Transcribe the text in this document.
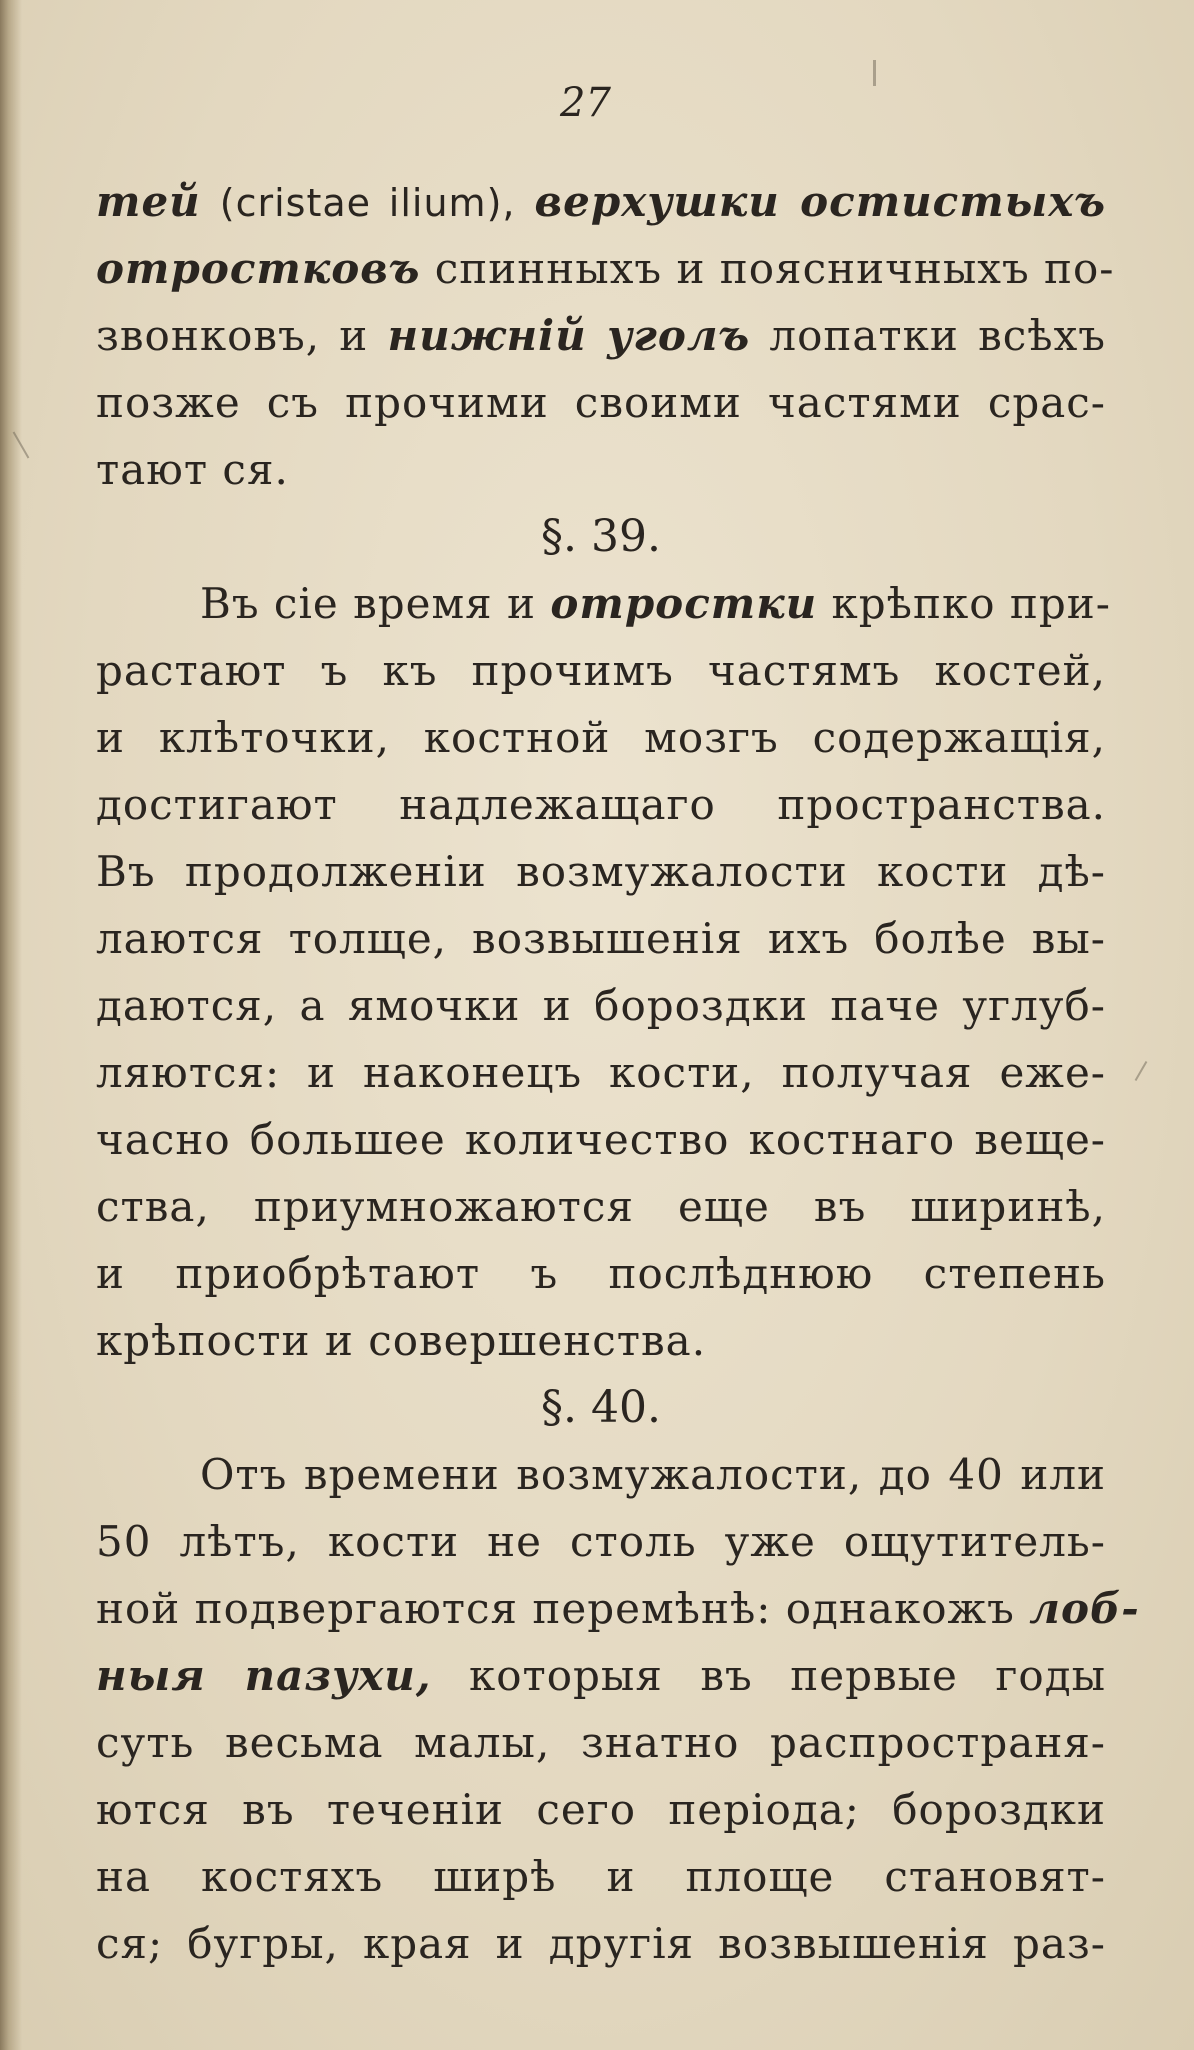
27
тей (cristae ilium), верхушки остистыхъ
отростковъ спинныхъ и поясничныхъ по-
звонковъ, и нижній уголъ лопатки всѣхъ
позже съ прочими своими частями срас-
тают ся.
§. 39.
Въ сіе время и отростки крѣпко при-
растают ъ къ прочимъ частямъ костей,
и клѣточки, костной мозгъ содержащія,
достигают надлежащаго пространства.
Въ продолженіи возмужалости кости дѣ-
лаются толще, возвышенія ихъ болѣе вы-
даются, а ямочки и бороздки паче углуб-
ляются: и наконецъ кости, получая еже-
часно большее количество костнаго веще-
ства, приумножаются еще въ ширинѣ,
и приобрѣтают ъ послѣднюю степень
крѣпости и совершенства.
§. 40.
Отъ времени возмужалости, до 40 или
50 лѣтъ, кости не столь уже ощутитель-
ной подвергаются перемѣнѣ: однакожъ лоб-
ныя пазухи, которыя въ первые годы
суть весьма малы, знатно распространя-
ются въ теченіи сего періода; бороздки
на костяхъ ширѣ и площе становят-
ся; бугры, края и другія возвышенія раз-
